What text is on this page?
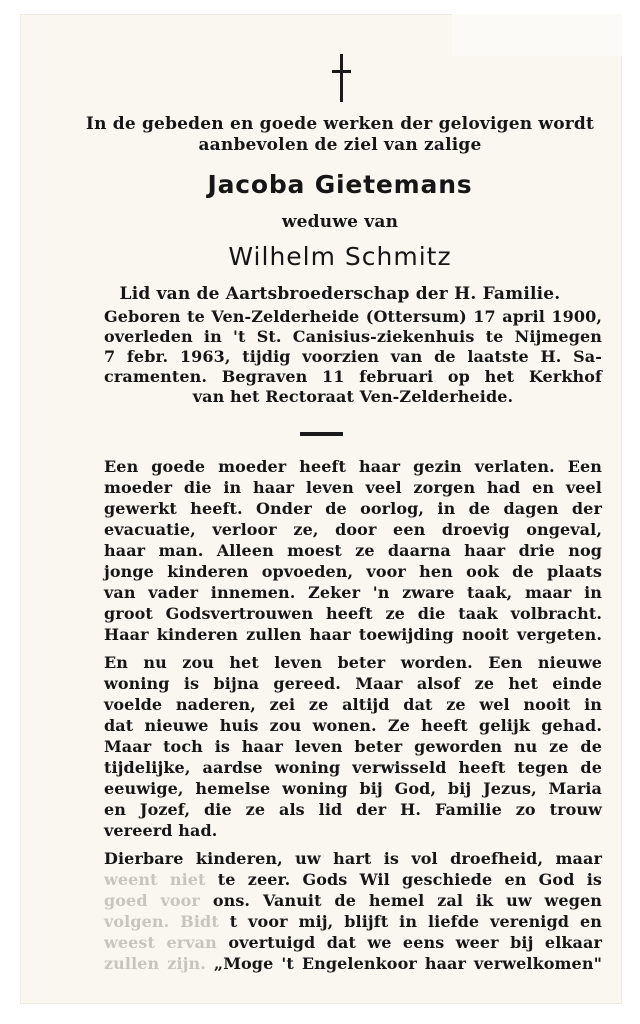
In de gebeden en goede werken der gelovigen wordt
aanbevolen de ziel van zalige
Jacoba Gietemans
weduwe van
Wilhelm Schmitz
Lid van de Aartsbroederschap der H. Familie.
Geboren te Ven-Zelderheide (Ottersum) 17 april 1900,
overleden in 't St. Canisius-ziekenhuis te Nijmegen
7 febr. 1963, tijdig voorzien van de laatste H. Sa-
cramenten. Begraven 11 februari op het Kerkhof
van het Rectoraat Ven-Zelderheide.
Een goede moeder heeft haar gezin verlaten. Een
moeder die in haar leven veel zorgen had en veel
gewerkt heeft. Onder de oorlog, in de dagen der
evacuatie, verloor ze, door een droevig ongeval,
haar man. Alleen moest ze daarna haar drie nog
jonge kinderen opvoeden, voor hen ook de plaats
van vader innemen. Zeker 'n zware taak, maar in
groot Godsvertrouwen heeft ze die taak volbracht.
Haar kinderen zullen haar toewijding nooit vergeten.
En nu zou het leven beter worden. Een nieuwe
woning is bijna gereed. Maar alsof ze het einde
voelde naderen, zei ze altijd dat ze wel nooit in
dat nieuwe huis zou wonen. Ze heeft gelijk gehad.
Maar toch is haar leven beter geworden nu ze de
tijdelijke, aardse woning verwisseld heeft tegen de
eeuwige, hemelse woning bij God, bij Jezus, Maria
en Jozef, die ze als lid der H. Familie zo trouw
vereerd had.
Dierbare kinderen, uw hart is vol droefheid, maar
weent niet te zeer. Gods Wil geschiede en God is
goed voor ons. Vanuit de hemel zal ik uw wegen
volgen. Bidt t voor mij, blijft in liefde verenigd en
weest ervan overtuigd dat we eens weer bij elkaar
zullen zijn. „Moge 't Engelenkoor haar verwelkomen"
